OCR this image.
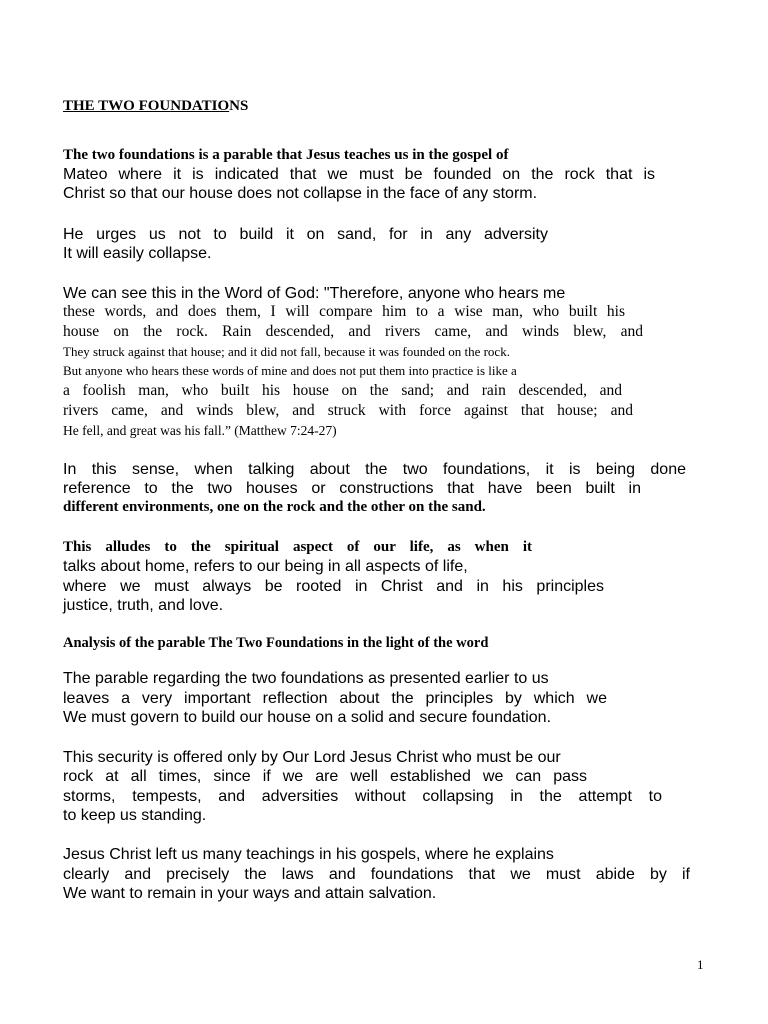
THE TWO FOUNDATIONS
The two foundations is a parable that Jesus teaches us in the gospel of
Mateo where it is indicated that we must be founded on the rock that is
Christ so that our house does not collapse in the face of any storm.
He urges us not to build it on sand, for in any adversity
It will easily collapse.
We can see this in the Word of God: "Therefore, anyone who hears me
these words, and does them, I will compare him to a wise man, who built his
house on the rock. Rain descended, and rivers came, and winds blew, and
They struck against that house; and it did not fall, because it was founded on the rock.
But anyone who hears these words of mine and does not put them into practice is like a
a foolish man, who built his house on the sand; and rain descended, and
rivers came, and winds blew, and struck with force against that house; and
He fell, and great was his fall.” (Matthew 7:24-27)
In this sense, when talking about the two foundations, it is being done
reference to the two houses or constructions that have been built in
different environments, one on the rock and the other on the sand.
This alludes to the spiritual aspect of our life, as when it
talks about home, refers to our being in all aspects of life,
where we must always be rooted in Christ and in his principles
justice, truth, and love.
Analysis of the parable The Two Foundations in the light of the word
The parable regarding the two foundations as presented earlier to us
leaves a very important reflection about the principles by which we
We must govern to build our house on a solid and secure foundation.
This security is offered only by Our Lord Jesus Christ who must be our
rock at all times, since if we are well established we can pass
storms, tempests, and adversities without collapsing in the attempt to
to keep us standing.
Jesus Christ left us many teachings in his gospels, where he explains
clearly and precisely the laws and foundations that we must abide by if
We want to remain in your ways and attain salvation.
1
